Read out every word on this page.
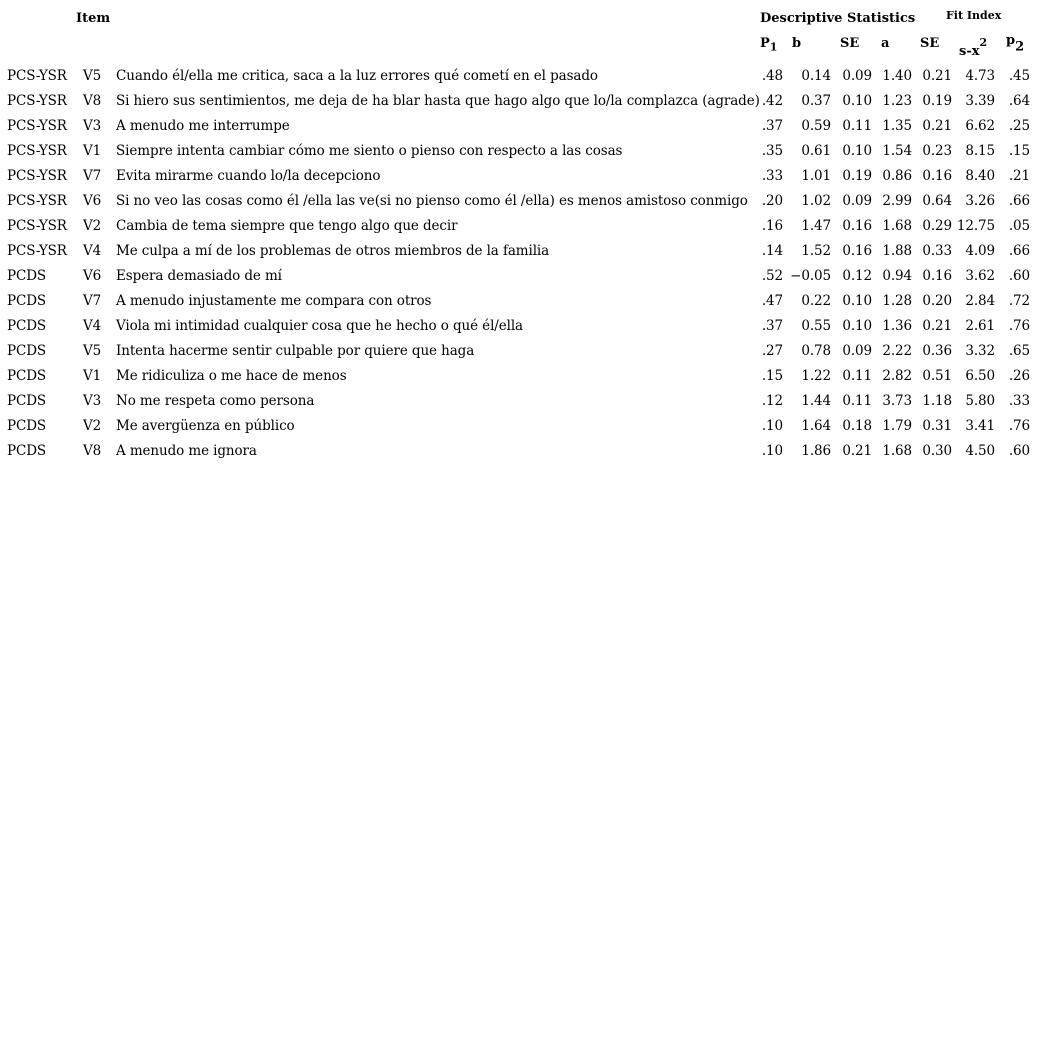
Item	Descriptive Statistics	Fit Index
$P_1$ b	SE a SE
$s-x^2$ $p_2$
PCS-YSR V5 Cuando él/ella me critica, saca a la luz errores qué cometí en el pasado	.48	0.14 0.09 1.40 0.21 4.73	.45
PCS-YSR V8 Si hiero sus sentimientos, me deja de ha blar hasta que hago algo que lo/la complazca (agrade) .42	0.37 0.10 1.23 0.19 3.39	.64
PCS-YSR V3 A menudo me interrumpe	.37	0.59 0.11 1.35 0.21 6.62	.25
PCS-YSR V1 Siempre intenta cambiar cómo me siento o pienso con respecto a las cosas	.35	0.61 0.10 1.54 0.23 8.15	.15
PCS-YSR V7 Evita mirarme cuando lo/la decepciono	.33	1.01 0.19 0.86 0.16 8.40	.21
PCS-YSR V6 Si no veo las cosas como él /ella las ve(si no pienso como él /ella) es menos amistoso conmigo	.20	1.02 0.09 2.99 0.64 3.26	.66
PCS-YSR V2 Cambia de tema siempre que tengo algo que decir	.16	1.47 0.16 1.68 0.29 12.75	.05
PCS-YSR V4 Me culpa a mí de los problemas de otros miembros de la familia	.14	1.52 0.16 1.88 0.33 4.09	.66
PCDS	V6 Espera demasiado de mí	.52 −0.05 0.12 0.94 0.16 3.62	.60
PCDS	V7 A menudo injustamente me compara con otros	.47	0.22 0.10 1.28 0.20 2.84	.72
PCDS	V4 Viola mi intimidad cualquier cosa que he hecho o qué él/ella	.37	0.55 0.10 1.36 0.21 2.61	.76
PCDS	V5 Intenta hacerme sentir culpable por quiere que haga	.27	0.78 0.09 2.22 0.36 3.32	.65
PCDS	V1 Me ridiculiza o me hace de menos	.15	1.22 0.11 2.82 0.51 6.50	.26
PCDS	V3 No me respeta como persona	.12	1.44 0.11 3.73 1.18 5.80	.33
PCDS	V2 Me avergüenza en público	.10	1.64 0.18 1.79 0.31 3.41	.76
PCDS	V8 A menudo me ignora	.10	1.86 0.21 1.68 0.30 4.50	.60
